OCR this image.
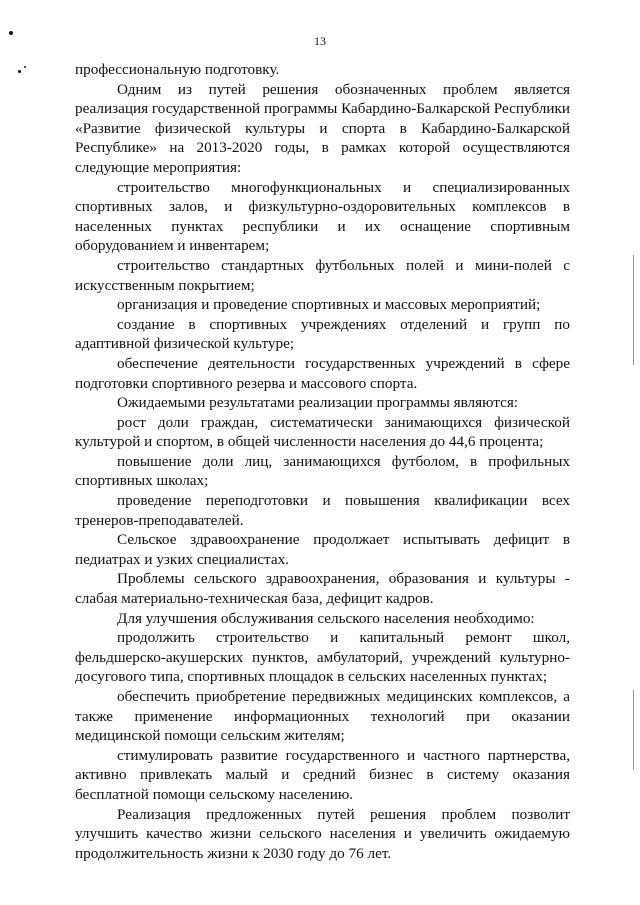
13

профессиональную подготовку.

Одним из путей решения обозначенных проблем является реализация государственной программы Кабардино-Балкарской Республики «Развитие физической культуры и спорта в Кабардино-Балкарской Республике» на 2013-2020 годы, в рамках которой осуществляются следующие мероприятия:

строительство многофункциональных и специализированных спортивных залов, и физкультурно-оздоровительных комплексов в населенных пунктах республики и их оснащение спортивным оборудованием и инвентарем;

строительство стандартных футбольных полей и мини-полей с искусственным покрытием;

организация и проведение спортивных и массовых мероприятий;

создание в спортивных учреждениях отделений и групп по адаптивной физической культуре;

обеспечение деятельности государственных учреждений в сфере подготовки спортивного резерва и массового спорта.

Ожидаемыми результатами реализации программы являются:

рост доли граждан, систематически занимающихся физической культурой и спортом, в общей численности населения до 44,6 процента;

повышение доли лиц, занимающихся футболом, в профильных спортивных школах;

проведение переподготовки и повышения квалификации всех тренеров-преподавателей.

Сельское здравоохранение продолжает испытывать дефицит в педиатрах и узких специалистах.

Проблемы сельского здравоохранения, образования и культуры - слабая материально-техническая база, дефицит кадров.

Для улучшения обслуживания сельского населения необходимо:

продолжить строительство и капитальный ремонт школ, фельдшерско-акушерских пунктов, амбулаторий, учреждений культурно-досугового типа, спортивных площадок в сельских населенных пунктах;

обеспечить приобретение передвижных медицинских комплексов, а также применение информационных технологий при оказании медицинской помощи сельским жителям;

стимулировать развитие государственного и частного партнерства, активно привлекать малый и средний бизнес в систему оказания бесплатной помощи сельскому населению.

Реализация предложенных путей решения проблем позволит улучшить качество жизни сельского населения и увеличить ожидаемую продолжительность жизни к 2030 году до 76 лет.
